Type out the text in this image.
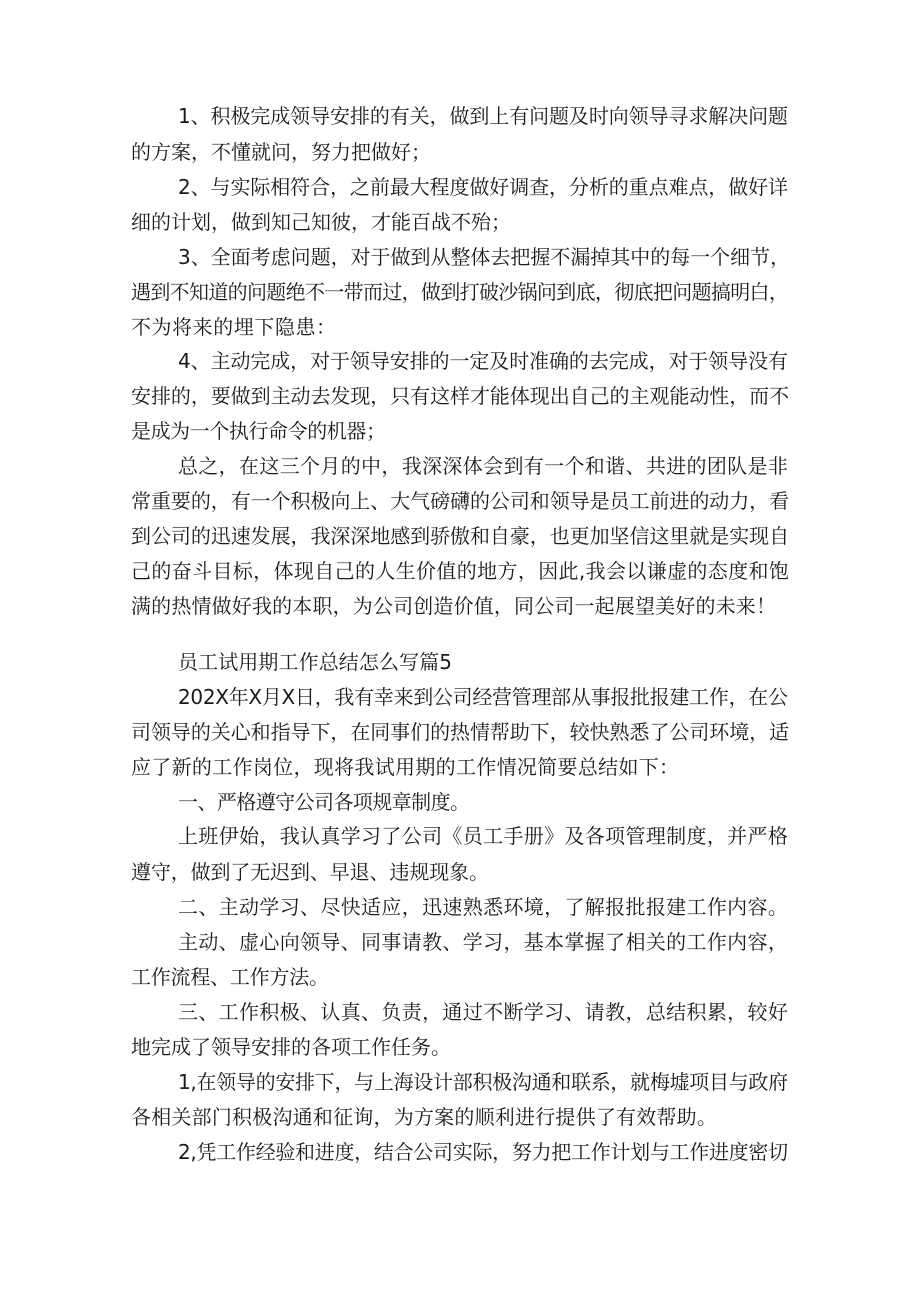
1、积极完成领导安排的有关，做到上有问题及时向领导寻求解决问题
的方案，不懂就问，努力把做好；
2、与实际相符合，之前最大程度做好调查，分析的重点难点，做好详
细的计划，做到知己知彼，才能百战不殆；
3、全面考虑问题，对于做到从整体去把握不漏掉其中的每一个细节，
遇到不知道的问题绝不一带而过，做到打破沙锅问到底，彻底把问题搞明白，
不为将来的埋下隐患：
4、主动完成，对于领导安排的一定及时准确的去完成，对于领导没有
安排的，要做到主动去发现，只有这样才能体现出自己的主观能动性，而不
是成为一个执行命令的机器；
总之，在这三个月的中，我深深体会到有一个和谐、共进的团队是非
常重要的，有一个积极向上、大气磅礴的公司和领导是员工前进的动力，看
到公司的迅速发展，我深深地感到骄傲和自豪，也更加坚信这里就是实现自
己的奋斗目标，体现自己的人生价值的地方，因此,我会以谦虚的态度和饱
满的热情做好我的本职，为公司创造价值，同公司一起展望美好的未来！
员工试用期工作总结怎么写篇5
202X年X月X日，我有幸来到公司经营管理部从事报批报建工作，在公
司领导的关心和指导下，在同事们的热情帮助下，较快熟悉了公司环境，适
应了新的工作岗位，现将我试用期的工作情况简要总结如下：
一、严格遵守公司各项规章制度。
上班伊始，我认真学习了公司《员工手册》及各项管理制度，并严格
遵守，做到了无迟到、早退、违规现象。
二、主动学习、尽快适应，迅速熟悉环境，了解报批报建工作内容。
主动、虚心向领导、同事请教、学习，基本掌握了相关的工作内容，
工作流程、工作方法。
三、工作积极、认真、负责，通过不断学习、请教，总结积累，较好
地完成了领导安排的各项工作任务。
1,在领导的安排下，与上海设计部积极沟通和联系，就梅墟项目与政府
各相关部门积极沟通和征询，为方案的顺利进行提供了有效帮助。
2,凭工作经验和进度，结合公司实际，努力把工作计划与工作进度密切
